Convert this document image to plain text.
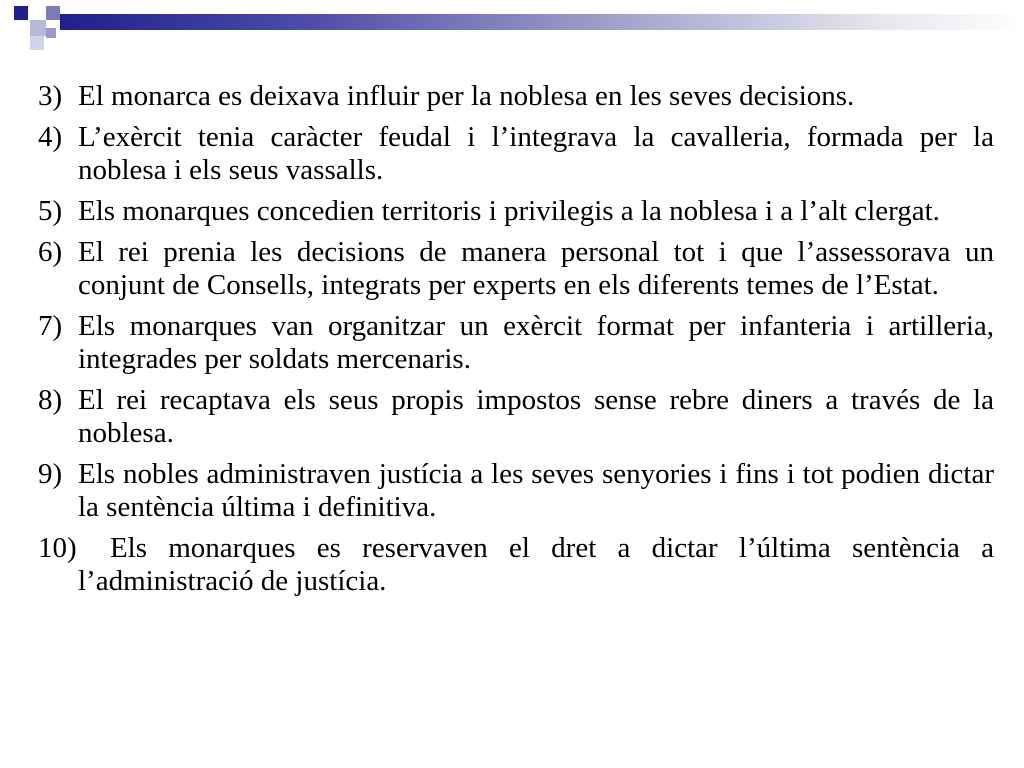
3) El monarca es deixava influir per la noblesa en les seves decisions.
4) L’exèrcit tenia caràcter feudal i l’integrava la cavalleria, formada per la noblesa i els seus vassalls.
5) Els monarques concedien territoris i privilegis a la noblesa i a l’alt clergat.
6) El rei prenia les decisions de manera personal tot i que l’assessorava un conjunt de Consells, integrats per experts en els diferents temes de l’Estat.
7) Els monarques van organitzar un exèrcit format per infanteria i artilleria, integrades per soldats mercenaris.
8) El rei recaptava els seus propis impostos sense rebre diners a través de la noblesa.
9) Els nobles administraven justícia a les seves senyories i fins i tot podien dictar la sentència última i definitiva.
10) Els monarques es reservaven el dret a dictar l’última sentència a l’administració de justícia.
